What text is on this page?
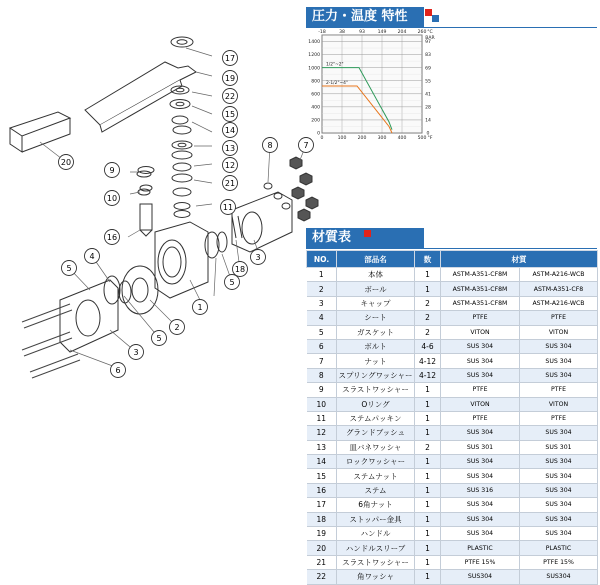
1
2
3
4
5
5
5
3
6
7
8
9
10
11
14
13
16
17
18
19
20
21
22
15
12
圧力・温度 特性
0	100 200 300 400 500 °F
-18	38	93	149 204 260 °C
0
200
400
600
800
1000
1200
1400
0
14
28
41
55
69
83
97
BAR
1/2"~2"
2-1/2"~4"
材質表
NO.	部品名	数	材質	
1	本体	1	ASTM-A351-CF8M	ASTM-A216-WCB
2	ボール	1	ASTM-A351-CF8M	ASTM-A351-CF8
3	キャップ	2	ASTM-A351-CF8M	ASTM-A216-WCB
4	シート	2	PTFE	PTFE
5	ガスケット	2	VITON	VITON
6	ボルト	4-6	SUS 304	SUS 304
7	ナット	4-12	SUS 304	SUS 304
8	スプリングワッシャー	4-12	SUS 304	SUS 304
9	スラストワッシャー	1	PTFE	PTFE
10	Oリング	1	VITON	VITON
11	ステムパッキン	1	PTFE	PTFE
12	グランドブッシュ	1	SUS 304	SUS 304
13	皿バネワッシャ	2	SUS 301	SUS 301
14	ロックワッシャー	1	SUS 304	SUS 304
15	ステムナット	1	SUS 304	SUS 304
16	ステム	1	SUS 316	SUS 304
17	6角ナット	1	SUS 304	SUS 304
18	ストッパー金具	1	SUS 304	SUS 304
19	ハンドル	1	SUS 304	SUS 304
20	ハンドルスリーブ	1	PLASTIC	PLASTIC
21	スラストワッシャー	1	PTFE 15%	PTFE 15%
22	角ワッシャ	1	SUS304	SUS304
